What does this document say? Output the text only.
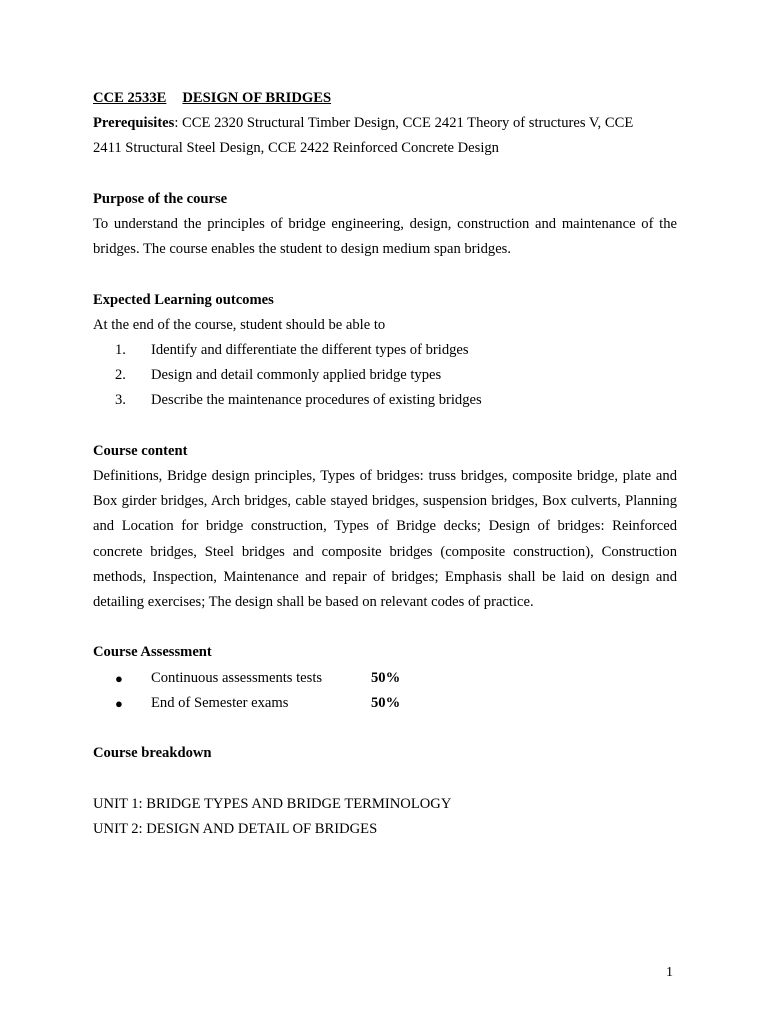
CCE 2533E DESIGN OF BRIDGES
Prerequisites: CCE 2320 Structural Timber Design, CCE 2421 Theory of structures V, CCE
2411 Structural Steel Design, CCE 2422 Reinforced Concrete Design
Purpose of the course

To understand the principles of bridge engineering, design, construction and maintenance of the bridges. The course enables the student to design medium span bridges.

Expected Learning outcomes
At the end of the course, student should be able to
1. Identify and differentiate the different types of bridges
2. Design and detail commonly applied bridge types
3. Describe the maintenance procedures of existing bridges
Course content

Definitions, Bridge design principles, Types of bridges: truss bridges, composite bridge, plate and Box girder bridges, Arch bridges, cable stayed bridges, suspension bridges, Box culverts, Planning and Location for bridge construction, Types of Bridge decks; Design of bridges: Reinforced concrete bridges, Steel bridges and composite bridges (composite construction), Construction methods, Inspection, Maintenance and repair of bridges; Emphasis shall be laid on design and detailing exercises; The design shall be based on relevant codes of practice.

Course Assessment
● Continuous assessments tests	50%
● End of Semester exams	50%
Course breakdown
UNIT 1: BRIDGE TYPES AND BRIDGE TERMINOLOGY
UNIT 2: DESIGN AND DETAIL OF BRIDGES
1
